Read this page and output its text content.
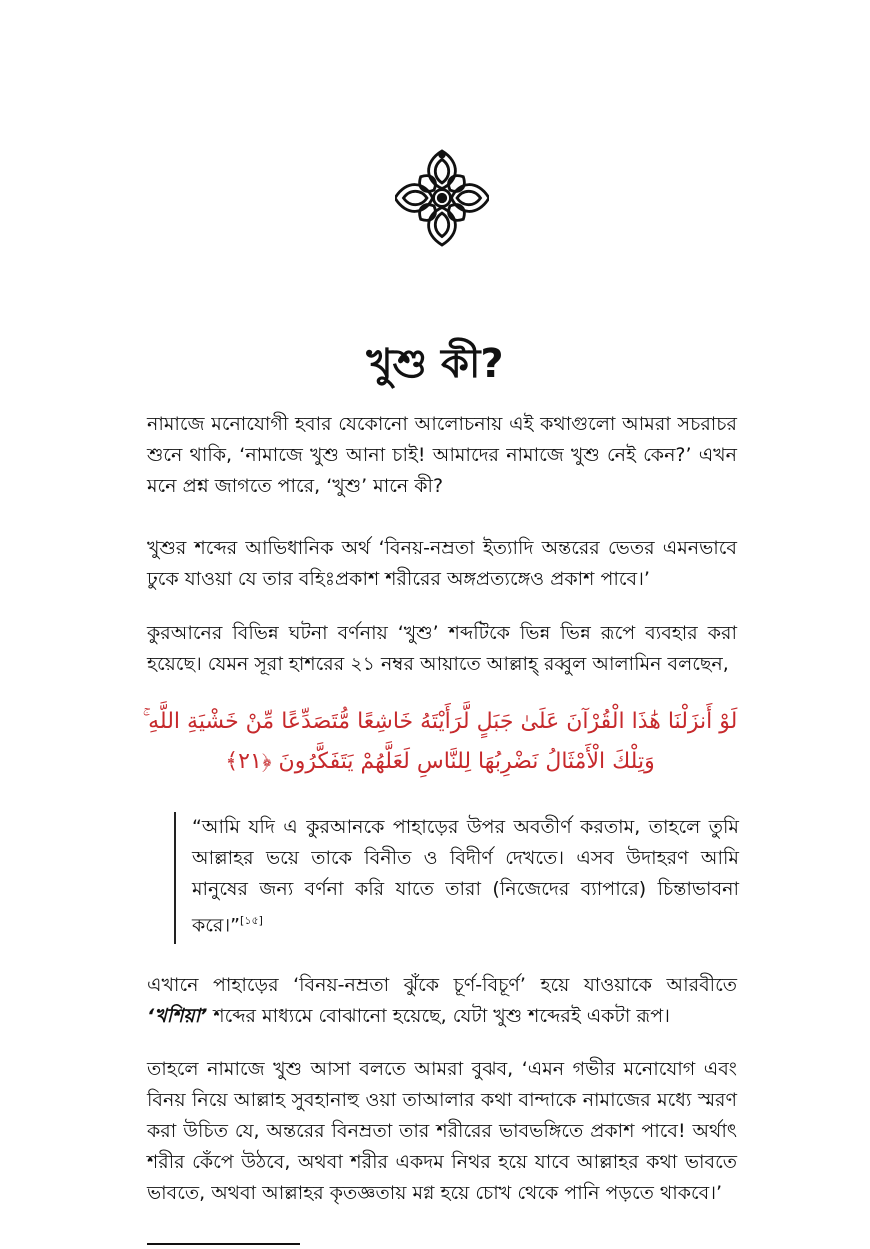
খুশু কী?

নামাজে মনোযোগী হবার যেকোনো আলোচনায় এই কথাগুলো আমরা সচরাচর শুনে থাকি, ‘নামাজে খুশু আনা চাই! আমাদের নামাজে খুশু নেই কেন?’ এখন মনে প্রশ্ন জাগতে পারে, ‘খুশু’ মানে কী?

খুশুর শব্দের আভিধানিক অর্থ ‘বিনয়-নম্রতা ইত্যাদি অন্তরের ভেতর এমনভাবে ঢুকে যাওয়া যে তার বহিঃপ্রকাশ শরীরের অঙ্গপ্রত্যঙ্গেও প্রকাশ পাবে।’

কুরআনের বিভিন্ন ঘটনা বর্ণনায় ‘খুশু’ শব্দটিকে ভিন্ন ভিন্ন রূপে ব্যবহার করা হয়েছে। যেমন সূরা হাশরের ২১ নম্বর আয়াতে আল্লাহ্ রব্বুল আলামিন বলছেন,

لَوْ أَنزَلْنَا هَٰذَا الْقُرْآنَ عَلَىٰ جَبَلٍ لَّرَأَيْتَهُ خَاشِعًا مُّتَصَدِّعًا مِّنْ خَشْيَةِ اللَّهِ ۚ وَتِلْكَ الْأَمْثَالُ نَضْرِبُهَا لِلنَّاسِ لَعَلَّهُمْ يَتَفَكَّرُونَ ﴿٢١﴾

“আমি যদি এ কুরআনকে পাহাড়ের উপর অবতীর্ণ করতাম, তাহলে তুমি আল্লাহর ভয়ে তাকে বিনীত ও বিদীর্ণ দেখতে। এসব উদাহরণ আমি মানুষের জন্য বর্ণনা করি যাতে তারা (নিজেদের ব্যাপারে) চিন্তাভাবনা করে।”[১৫]

এখানে পাহাড়ের ‘বিনয়-নম্রতা ঝুঁকে চূর্ণ-বিচূর্ণ’ হয়ে যাওয়াকে আরবীতে ‘খশিয়া’ শব্দের মাধ্যমে বোঝানো হয়েছে, যেটা খুশু শব্দেরই একটা রূপ।

তাহলে নামাজে খুশু আসা বলতে আমরা বুঝব, ‘এমন গভীর মনোযোগ এবং বিনয় নিয়ে আল্লাহ সুবহানাহু ওয়া তাআলার কথা বান্দাকে নামাজের মধ্যে স্মরণ করা উচিত যে, অন্তরের বিনম্রতা তার শরীরের ভাবভঙ্গিতে প্রকাশ পাবে! অর্থাৎ শরীর কেঁপে উঠবে, অথবা শরীর একদম নিথর হয়ে যাবে আল্লাহর কথা ভাবতে ভাবতে, অথবা আল্লাহর কৃতজ্ঞতায় মগ্ন হয়ে চোখ থেকে পানি পড়তে থাকবে।’
